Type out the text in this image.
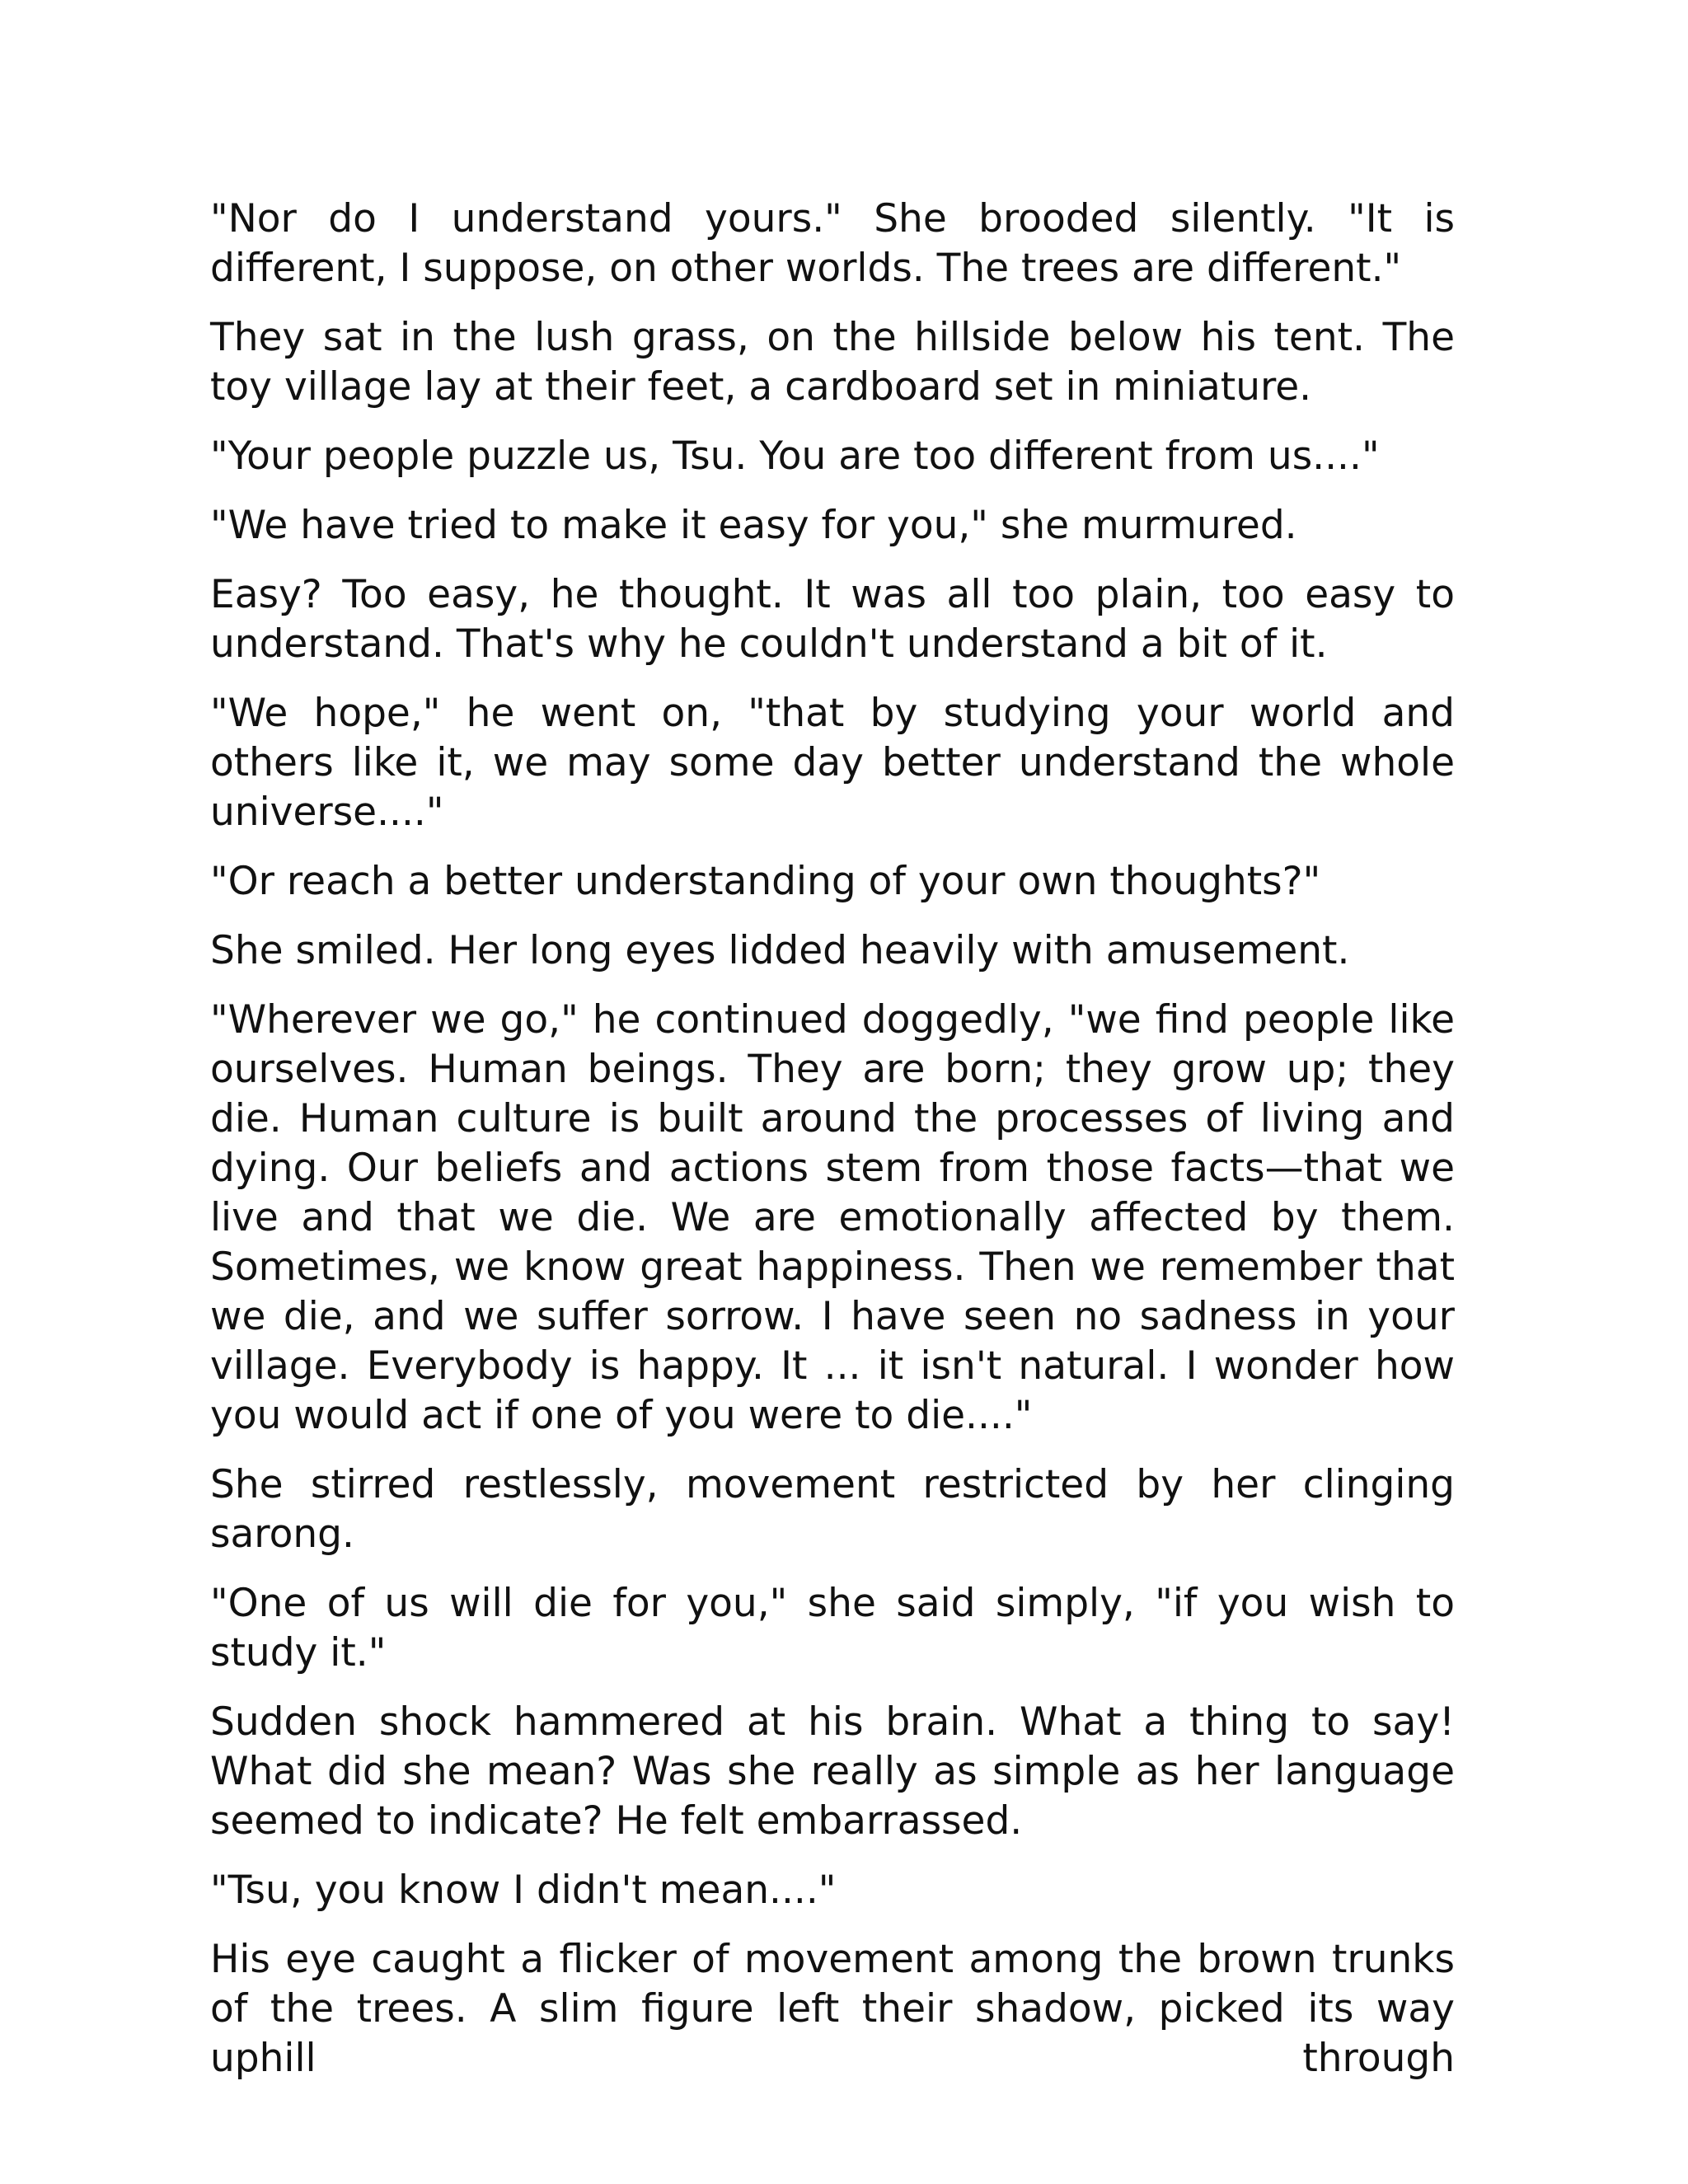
"Nor do I understand yours." She brooded silently. "It is different, I suppose, on other worlds. The trees are different."

They sat in the lush grass, on the hillside below his tent. The toy village lay at their feet, a cardboard set in miniature.

"Your people puzzle us, Tsu. You are too different from us...."

"We have tried to make it easy for you," she murmured.

Easy? Too easy, he thought. It was all too plain, too easy to understand. That's why he couldn't understand a bit of it.

"We hope," he went on, "that by studying your world and others like it, we may some day better understand the whole universe...."

"Or reach a better understanding of your own thoughts?"

She smiled. Her long eyes lidded heavily with amusement.

"Wherever we go," he continued doggedly, "we find people like ourselves. Human beings. They are born; they grow up; they die. Human culture is built around the processes of living and dying. Our beliefs and actions stem from those facts—that we live and that we die. We are emotionally affected by them. Sometimes, we know great happiness. Then we remember that we die, and we suffer sorrow. I have seen no sadness in your village. Everybody is happy. It ... it isn't natural. I wonder how you would act if one of you were to die...."

She stirred restlessly, movement restricted by her clinging sarong.

"One of us will die for you," she said simply, "if you wish to study it."

Sudden shock hammered at his brain. What a thing to say! What did she mean? Was she really as simple as her language seemed to indicate? He felt embarrassed.

"Tsu, you know I didn't mean...."

His eye caught a flicker of movement among the brown trunks of the trees. A slim figure left their shadow, picked its way uphill through
